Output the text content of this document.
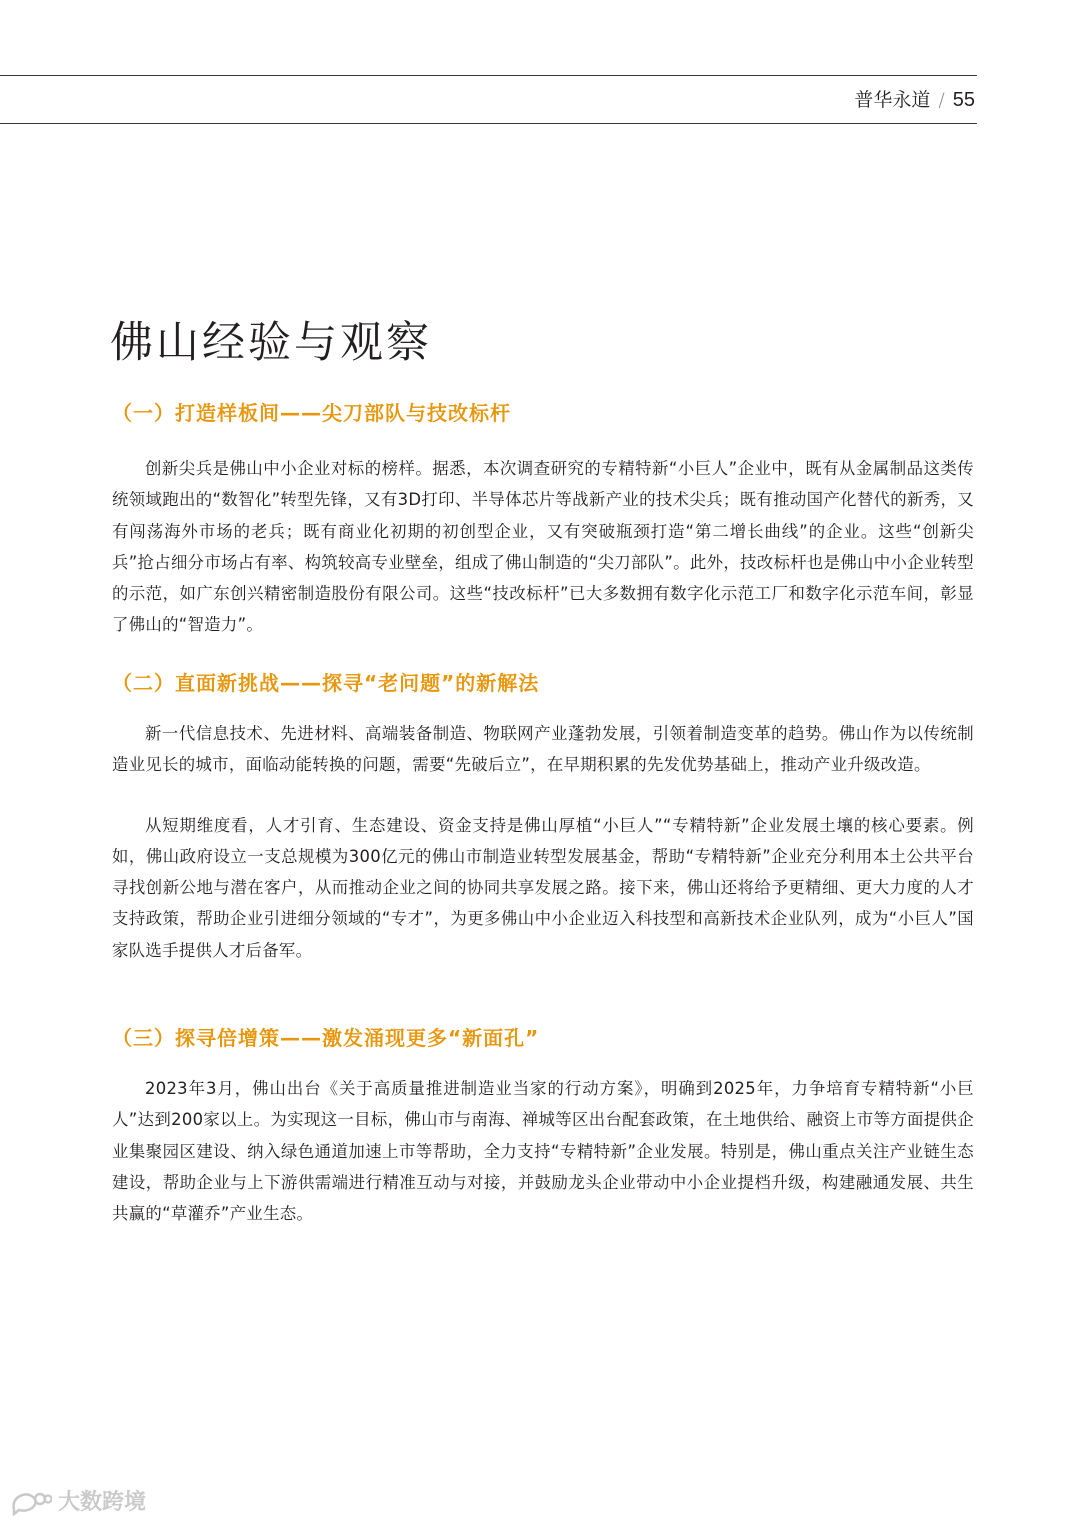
普华永道 / 55
佛山经验与观察
（一）打造样板间——尖刀部队与技改标杆

创新尖兵是佛山中小企业对标的榜样。据悉，本次调查研究的专精特新“小巨人”企业中，既有从金属制品这类传统领域跑出的“数智化”转型先锋，又有3D打印、半导体芯片等战新产业的技术尖兵；既有推动国产化替代的新秀，又有闯荡海外市场的老兵；既有商业化初期的初创型企业，又有突破瓶颈打造“第二增长曲线”的企业。这些“创新尖兵”抢占细分市场占有率、构筑较高专业壁垒，组成了佛山制造的“尖刀部队”。此外，技改标杆也是佛山中小企业转型的示范，如广东创兴精密制造股份有限公司。这些“技改标杆”已大多数拥有数字化示范工厂和数字化示范车间，彰显了佛山的“智造力”。

（二）直面新挑战——探寻“老问题”的新解法

新一代信息技术、先进材料、高端装备制造、物联网产业蓬勃发展，引领着制造变革的趋势。佛山作为以传统制造业见长的城市，面临动能转换的问题，需要“先破后立”，在早期积累的先发优势基础上，推动产业升级改造。

从短期维度看，人才引育、生态建设、资金支持是佛山厚植“小巨人”“专精特新”企业发展土壤的核心要素。例如，佛山政府设立一支总规模为300亿元的佛山市制造业转型发展基金，帮助“专精特新”企业充分利用本土公共平台寻找创新公地与潜在客户，从而推动企业之间的协同共享发展之路。接下来，佛山还将给予更精细、更大力度的人才支持政策，帮助企业引进细分领域的“专才”，为更多佛山中小企业迈入科技型和高新技术企业队列，成为“小巨人”国家队选手提供人才后备军。

（三）探寻倍增策——激发涌现更多“新面孔”

2023年3月，佛山出台《关于高质量推进制造业当家的行动方案》，明确到2025年，力争培育专精特新“小巨人”达到200家以上。为实现这一目标，佛山市与南海、禅城等区出台配套政策，在土地供给、融资上市等方面提供企业集聚园区建设、纳入绿色通道加速上市等帮助，全力支持“专精特新”企业发展。特别是，佛山重点关注产业链生态建设，帮助企业与上下游供需端进行精准互动与对接，并鼓励龙头企业带动中小企业提档升级，构建融通发展、共生共赢的“草灌乔”产业生态。

大数跨境
